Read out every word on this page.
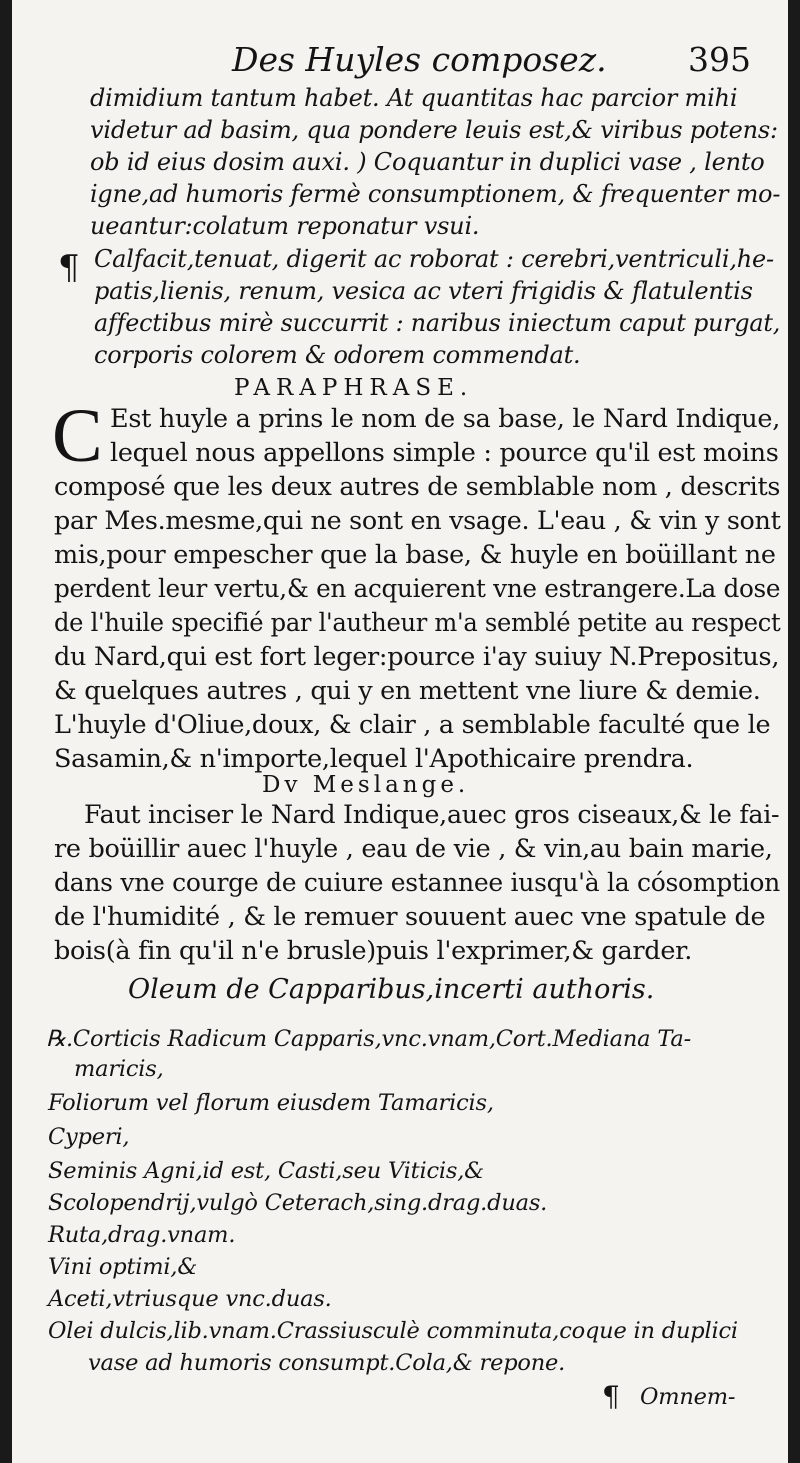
Des Huyles composez. 395
dimidium tantum habet. At quantitas hac parcior mihi
videtur ad basim, qua pondere leuis est,& viribus potens:
ob id eius dosim auxi. ) Coquantur in duplici vase , lento
igne,ad humoris fermè consumptionem, & frequenter mo-
ueantur:colatum reponatur vsui.
¶ Calfacit,tenuat, digerit ac roborat : cerebri,ventriculi,he-
patis,lienis, renum, vesica ac vteri frigidis & flatulentis
affectibus mirè succurrit : naribus iniectum caput purgat,
corporis colorem & odorem commendat.
PARAPHRASE.
C Est huyle a prins le nom de sa base, le Nard Indique,
lequel nous appellons simple : pource qu'il est moins
composé que les deux autres de semblable nom , descrits
par Mes.mesme,qui ne sont en vsage. L'eau , & vin y sont
mis,pour empescher que la base, & huyle en boüillant ne
perdent leur vertu,& en acquierent vne estrangere.La dose
de l'huile specifié par l'autheur m'a semblé petite au respect
du Nard,qui est fort leger:pource i'ay suiuy N.Prepositus,
& quelques autres , qui y en mettent vne liure & demie.
L'huyle d'Oliue,doux, & clair , a semblable faculté que le
Sasamin,& n'importe,lequel l'Apothicaire prendra.
Dv Meslange.
Faut inciser le Nard Indique,auec gros ciseaux,& le fai-
re boüillir auec l'huyle , eau de vie , & vin,au bain marie,
dans vne courge de cuiure estannee iusqu'à la cósomption
de l'humidité , & le remuer souuent auec vne spatule de
bois(à fin qu'il n'e brusle)puis l'exprimer,& garder.
Oleum de Capparibus,incerti authoris.
℞.Corticis Radicum Capparis,vnc.vnam,Cort.Mediana Ta-
maricis,
Foliorum vel florum eiusdem Tamaricis,
Cyperi,
Seminis Agni,id est, Casti,seu Viticis,&
Scolopendrij,vulgò Ceterach,sing.drag.duas.
Ruta,drag.vnam.
Vini optimi,&
Aceti,vtriusque vnc.duas.
Olei dulcis,lib.vnam.Crassiusculè comminuta,coque in duplici
vase ad humoris consumpt.Cola,& repone.
¶ Omnem-
